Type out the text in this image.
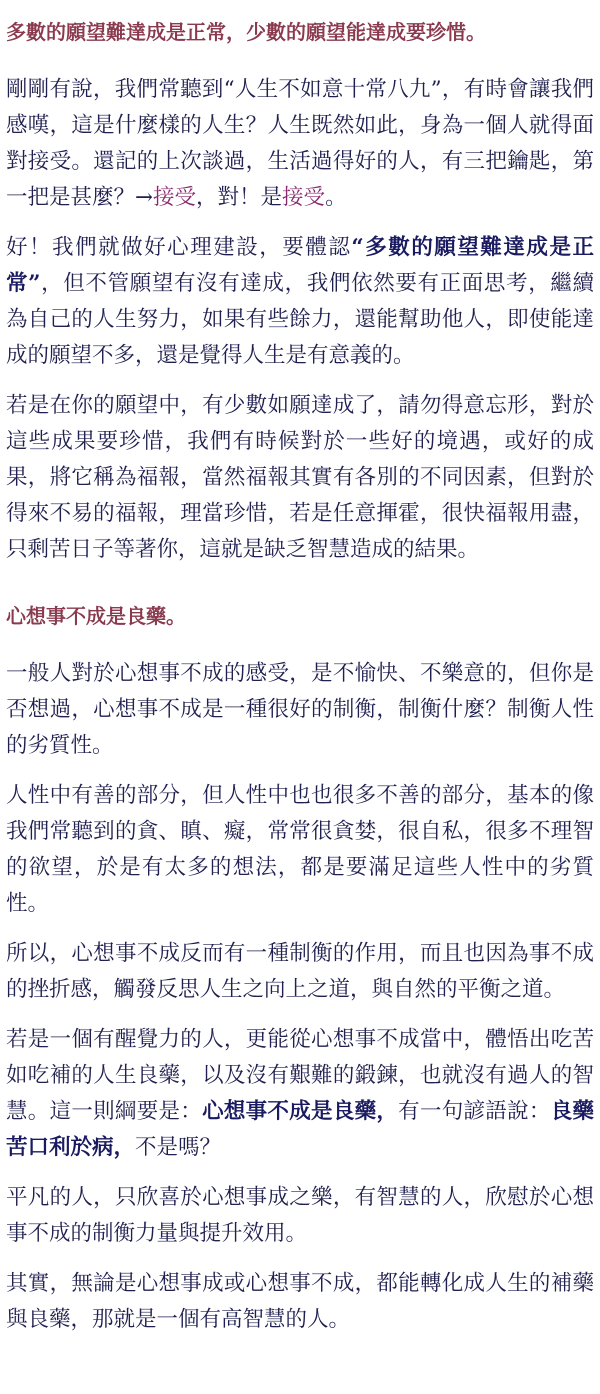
多數的願望難達成是正常，少數的願望能達成要珍惜。

剛剛有說，我們常聽到“人生不如意十常八九”，有時會讓我們感嘆，這是什麼樣的人生？人生既然如此，身為一個人就得面對接受。還記的上次談過，生活過得好的人，有三把鑰匙，第一把是甚麼？→接受，對！是接受。

好！我們就做好心理建設，要體認“多數的願望難達成是正常”，但不管願望有沒有達成，我們依然要有正面思考，繼續為自己的人生努力，如果有些餘力，還能幫助他人，即使能達成的願望不多，還是覺得人生是有意義的。

若是在你的願望中，有少數如願達成了，請勿得意忘形，對於這些成果要珍惜，我們有時候對於一些好的境遇，或好的成果，將它稱為福報，當然福報其實有各別的不同因素，但對於得來不易的福報，理當珍惜，若是任意揮霍，很快福報用盡，只剩苦日子等著你，這就是缺乏智慧造成的結果。

心想事不成是良藥。

一般人對於心想事不成的感受，是不愉快、不樂意的，但你是否想過，心想事不成是一種很好的制衡，制衡什麼？制衡人性的劣質性。

人性中有善的部分，但人性中也也很多不善的部分，基本的像我們常聽到的貪、瞋、癡，常常很貪婪，很自私，很多不理智的欲望，於是有太多的想法，都是要滿足這些人性中的劣質性。

所以，心想事不成反而有一種制衡的作用，而且也因為事不成的挫折感，觸發反思人生之向上之道，與自然的平衡之道。

若是一個有醒覺力的人，更能從心想事不成當中，體悟出吃苦如吃補的人生良藥，以及沒有艱難的鍛鍊，也就沒有過人的智慧。這一則綱要是：心想事不成是良藥，有一句諺語說：良藥苦口利於病，不是嗎？

平凡的人，只欣喜於心想事成之樂，有智慧的人，欣慰於心想事不成的制衡力量與提升效用。

其實，無論是心想事成或心想事不成，都能轉化成人生的補藥與良藥，那就是一個有高智慧的人。
